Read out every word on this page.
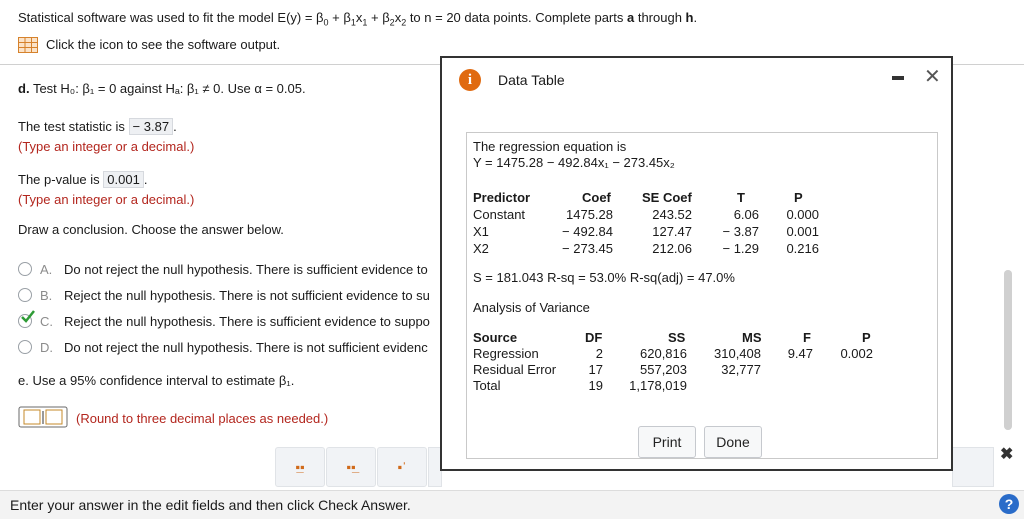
Statistical software was used to fit the model $E(y) = \beta_0 + \beta_1x_1 + \beta_2x_2$ to n = 20 data points. Complete parts a through h.
Click the icon to see the software output.
d. Test H₀: β₁ = 0 against Hₐ: β₁ ≠ 0. Use α = 0.05.
The test statistic is − 3.87 .
(Type an integer or a decimal.)
The p-value is 0.001 .
(Type an integer or a decimal.)
Draw a conclusion. Choose the answer below.
A. Do not reject the null hypothesis. There is sufficient evidence to
B. Reject the null hypothesis. There is not sufficient evidence to su
C. Reject the null hypothesis. There is sufficient evidence to suppo
D. Do not reject the null hypothesis. There is not sufficient evidenc
e. Use a 95% confidence interval to estimate β₁.
(Round to three decimal places as needed.)
▪̲▪	▪▪̲	▪ˈ
✖
Enter your answer in the edit fields and then click Check Answer.	?
i	Data Table	✕
The regression equation is
Y = 1475.28 − 492.84x₁ − 273.45x₂
Predictor	Coef SE Coef	T	P
Constant	1475.28	243.52	6.06	0.000
X1	− 492.84	127.47	− 3.87	0.001
X2	− 273.45	212.06	− 1.29	0.216
S = 181.043 R-sq = 53.0% R-sq(adj) = 47.0%
Analysis of Variance
Source	DF	SS	MS	F	P
Regression	2	620,816	310,408	9.47	0.002
Residual Error	17	557,203	32,777
Total	19	1,178,019
Print	Done
